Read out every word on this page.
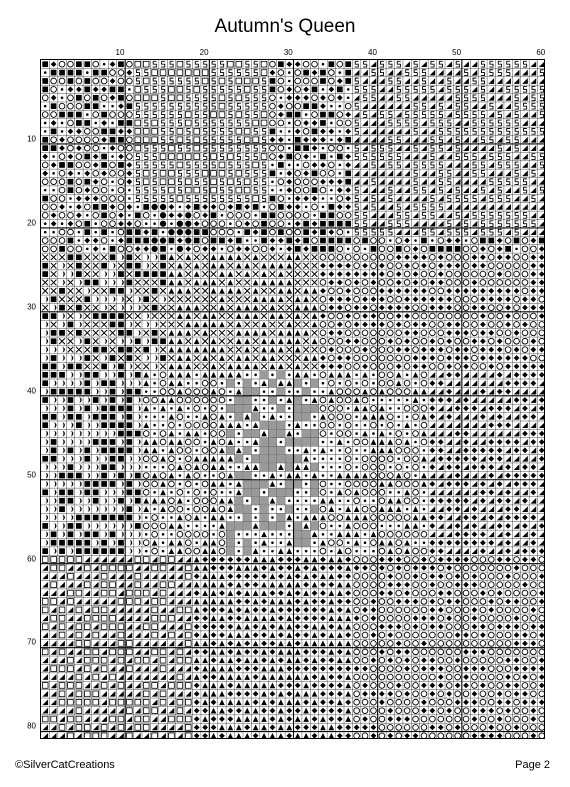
Autumn's Queen
10	20	30	40	50	60
10
20
30
40
50
60
70
80
©SilverCatCreations	Page 2
